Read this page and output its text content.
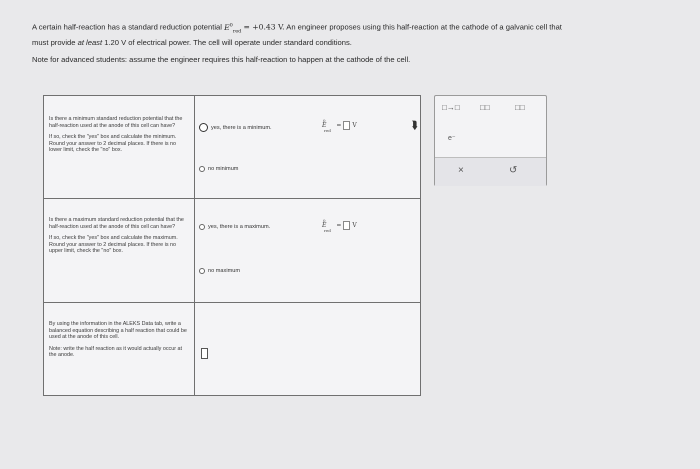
A certain half-reaction has a standard reduction potential $E^0_{red} = +0.43$ V. An engineer proposes using this half-reaction at the cathode of a galvanic cell that
must provide at least 1.20 V of electrical power. The cell will operate under standard conditions.

Note for advanced students: assume the engineer requires this half-reaction to happen at the cathode of the cell.

Is there a minimum standard reduction potential that the half-reaction used at the anode of this cell can have?

If so, check the "yes" box and calculate the minimum. Round your answer to 2 decimal places. If there is no lower limit, check the "no" box.

yes, there is a minimum.	E
0
red
= V
no minimum

Is there a maximum standard reduction potential that the half-reaction used at the anode of this cell can have?

If so, check the "yes" box and calculate the maximum. Round your answer to 2 decimal places. If there is no upper limit, check the "no" box.

yes, there is a maximum.	E
0
red
= V
no maximum

By using the information in the ALEKS Data tab, write a balanced equation describing a half reaction that could be used at the anode of this cell.

Note: write the half reaction as it would actually occur at the anode.

⮯
□→□	□□	□□
e⁻
×	↺
